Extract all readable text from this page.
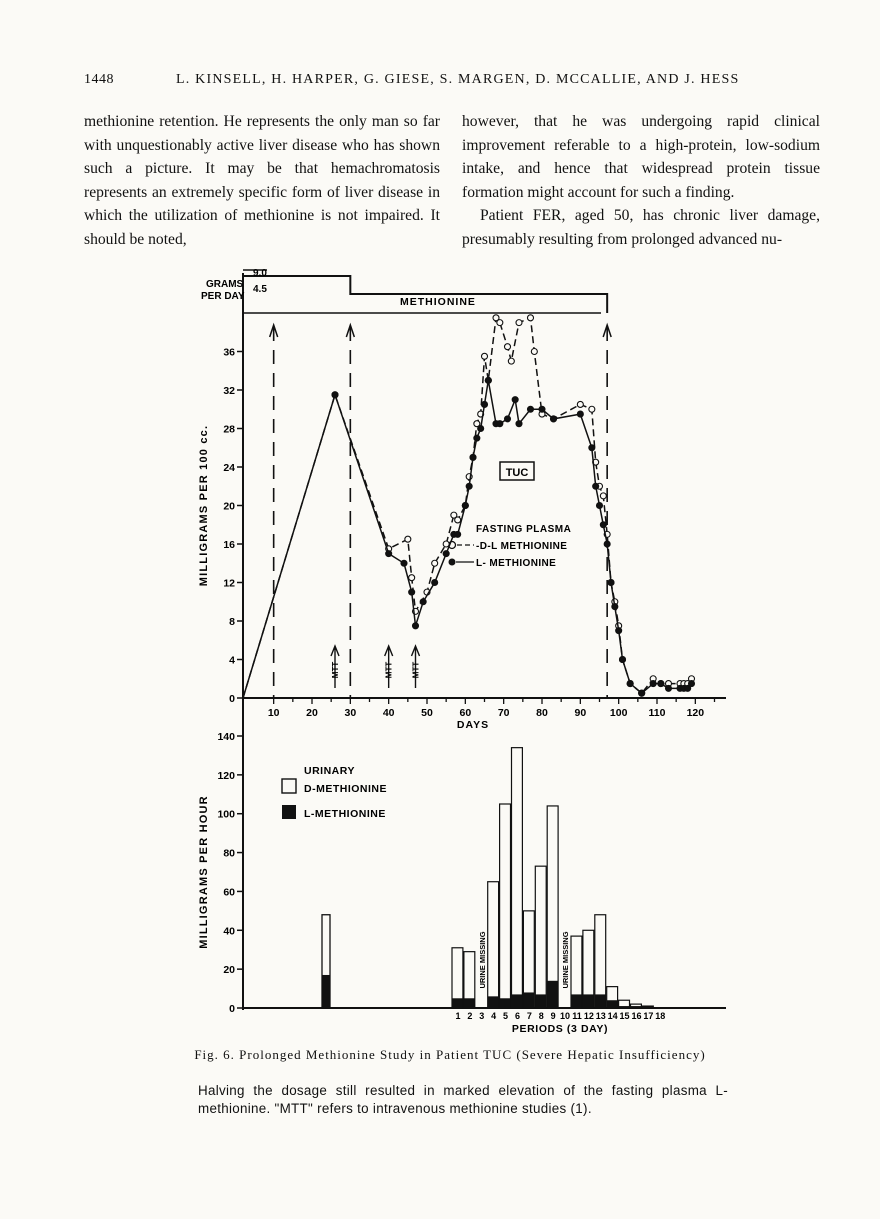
1448	L. KINSELL, H. HARPER, G. GIESE, S. MARGEN, D. MCCALLIE, AND J. HESS

methionine retention. He represents the only man so far with unquestionably active liver disease who has shown such a picture. It may be that hemachromatosis represents an extremely specific form of liver disease in which the utilization of methionine is not impaired. It should be noted,

however, that he was undergoing rapid clinical improvement referable to a high-protein, low-sodium intake, and hence that widespread protein tissue formation might account for such a finding.

Patient FER, aged 50, has chronic liver damage, presumably resulting from prolonged advanced nu-

GRAMS
PER DAY
9.0
4.5
METHIONINE
0
4
8
12
16
20
24
28
32
36
MILLIGRAMS PER 100 cc.
10	20	30	40	50	60	70	80	90 100 110 120
DAYS
MTT	MTT MTT
TUC
FASTING PLASMA
-D-L METHIONINE
L- METHIONINE
0
20
40
60
80
100
120
140
MILLIGRAMS PER HOUR
URINARY
D-METHIONINE
L-METHIONINE
1 2 3
URINE MISSING
4 5 6 7 8 9 10
URINE MISSING
11 12 13 14 15 16 17 18
PERIODS (3 DAY)
Fig. 6. Prolonged Methionine Study in Patient TUC (Severe Hepatic Insufficiency)
Halving the dosage still resulted in marked elevation of the fasting plasma L-methionine. "MTT" refers to intravenous methionine studies (1).
